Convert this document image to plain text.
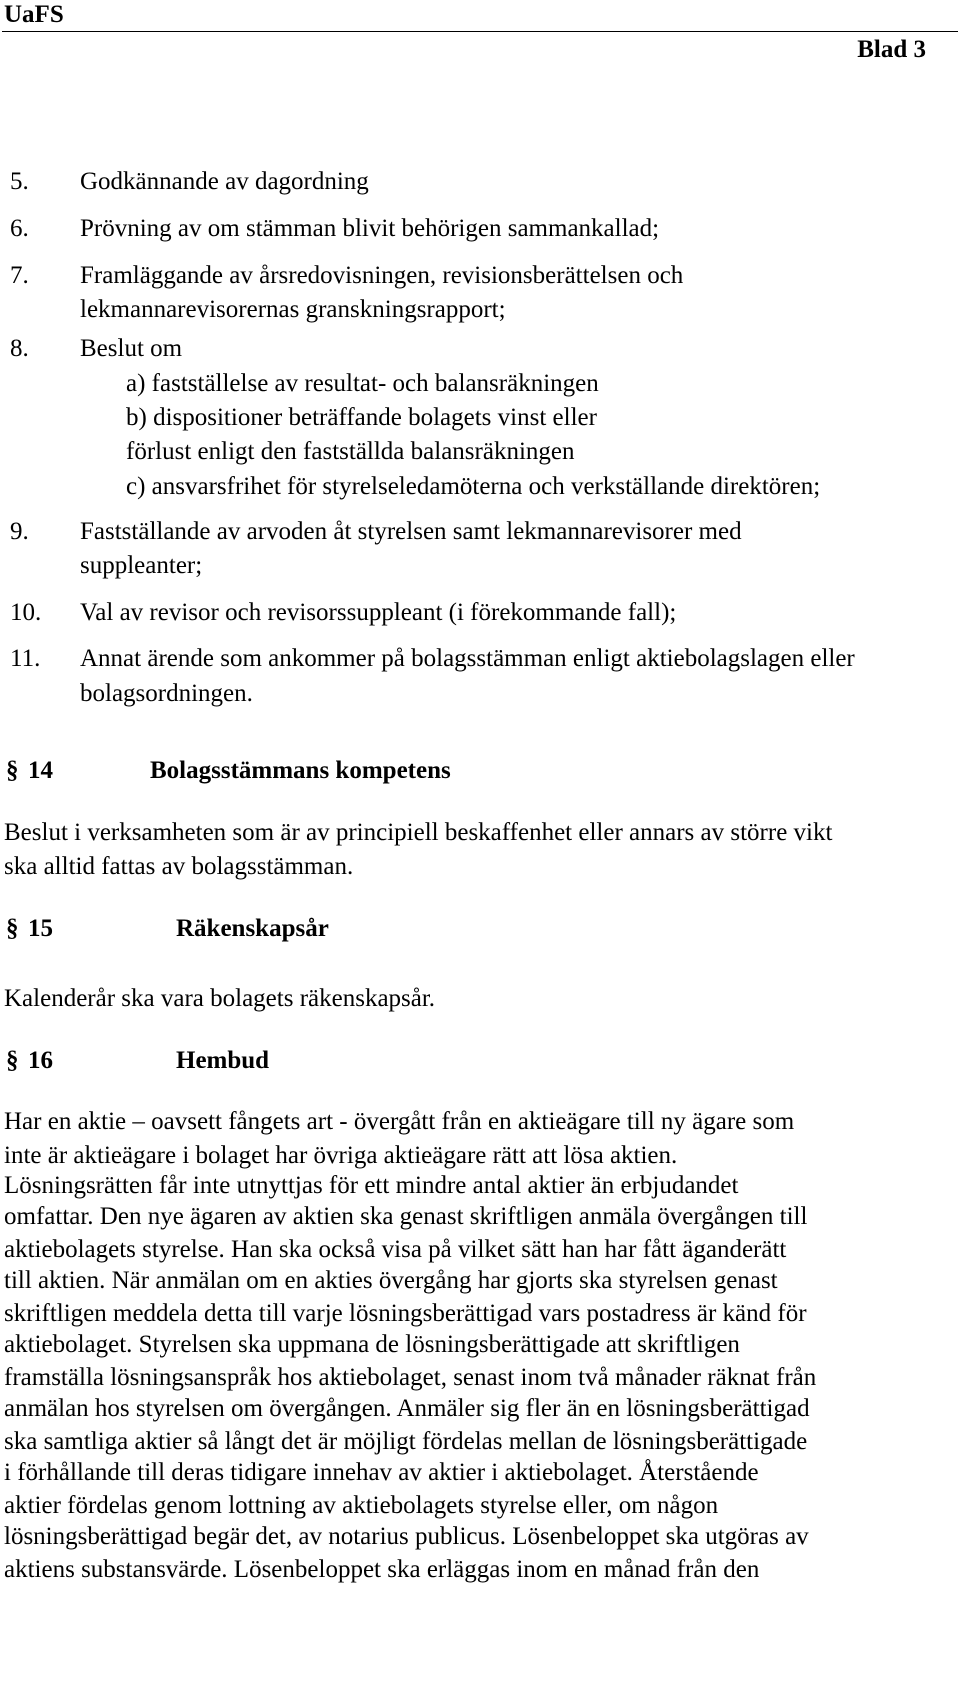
UaFS
Blad 3
5. Godkännande av dagordning
6. Prövning av om stämman blivit behörigen sammankallad;
7. Framläggande av årsredovisningen, revisionsberättelsen och
lekmannarevisorernas granskningsrapport;
8. Beslut om
a) fastställelse av resultat- och balansräkningen
b) dispositioner beträffande bolagets vinst eller
förlust enligt den fastställda balansräkningen
c) ansvarsfrihet för styrelseledamöterna och verkställande direktören;
9. Fastställande av arvoden åt styrelsen samt lekmannarevisorer med
suppleanter;
10. Val av revisor och revisorssuppleant (i förekommande fall);
11. Annat ärende som ankommer på bolagsstämman enligt aktiebolagslagen eller
bolagsordningen.
§ 14	Bolagsstämmans kompetens
Beslut i verksamheten som är av principiell beskaffenhet eller annars av större vikt
ska alltid fattas av bolagsstämman.
§ 15	Räkenskapsår
Kalenderår ska vara bolagets räkenskapsår.
§ 16	Hembud
Har en aktie – oavsett fångets art - övergått från en aktieägare till ny ägare som
inte är aktieägare i bolaget har övriga aktieägare rätt att lösa aktien.
Lösningsrätten får inte utnyttjas för ett mindre antal aktier än erbjudandet
omfattar. Den nye ägaren av aktien ska genast skriftligen anmäla övergången till
aktiebolagets styrelse. Han ska också visa på vilket sätt han har fått äganderätt
till aktien. När anmälan om en akties övergång har gjorts ska styrelsen genast
skriftligen meddela detta till varje lösningsberättigad vars postadress är känd för
aktiebolaget. Styrelsen ska uppmana de lösningsberättigade att skriftligen
framställa lösningsanspråk hos aktiebolaget, senast inom två månader räknat från
anmälan hos styrelsen om övergången. Anmäler sig fler än en lösningsberättigad
ska samtliga aktier så långt det är möjligt fördelas mellan de lösningsberättigade
i förhållande till deras tidigare innehav av aktier i aktiebolaget. Återstående
aktier fördelas genom lottning av aktiebolagets styrelse eller, om någon
lösningsberättigad begär det, av notarius publicus. Lösenbeloppet ska utgöras av
aktiens substansvärde. Lösenbeloppet ska erläggas inom en månad från den
